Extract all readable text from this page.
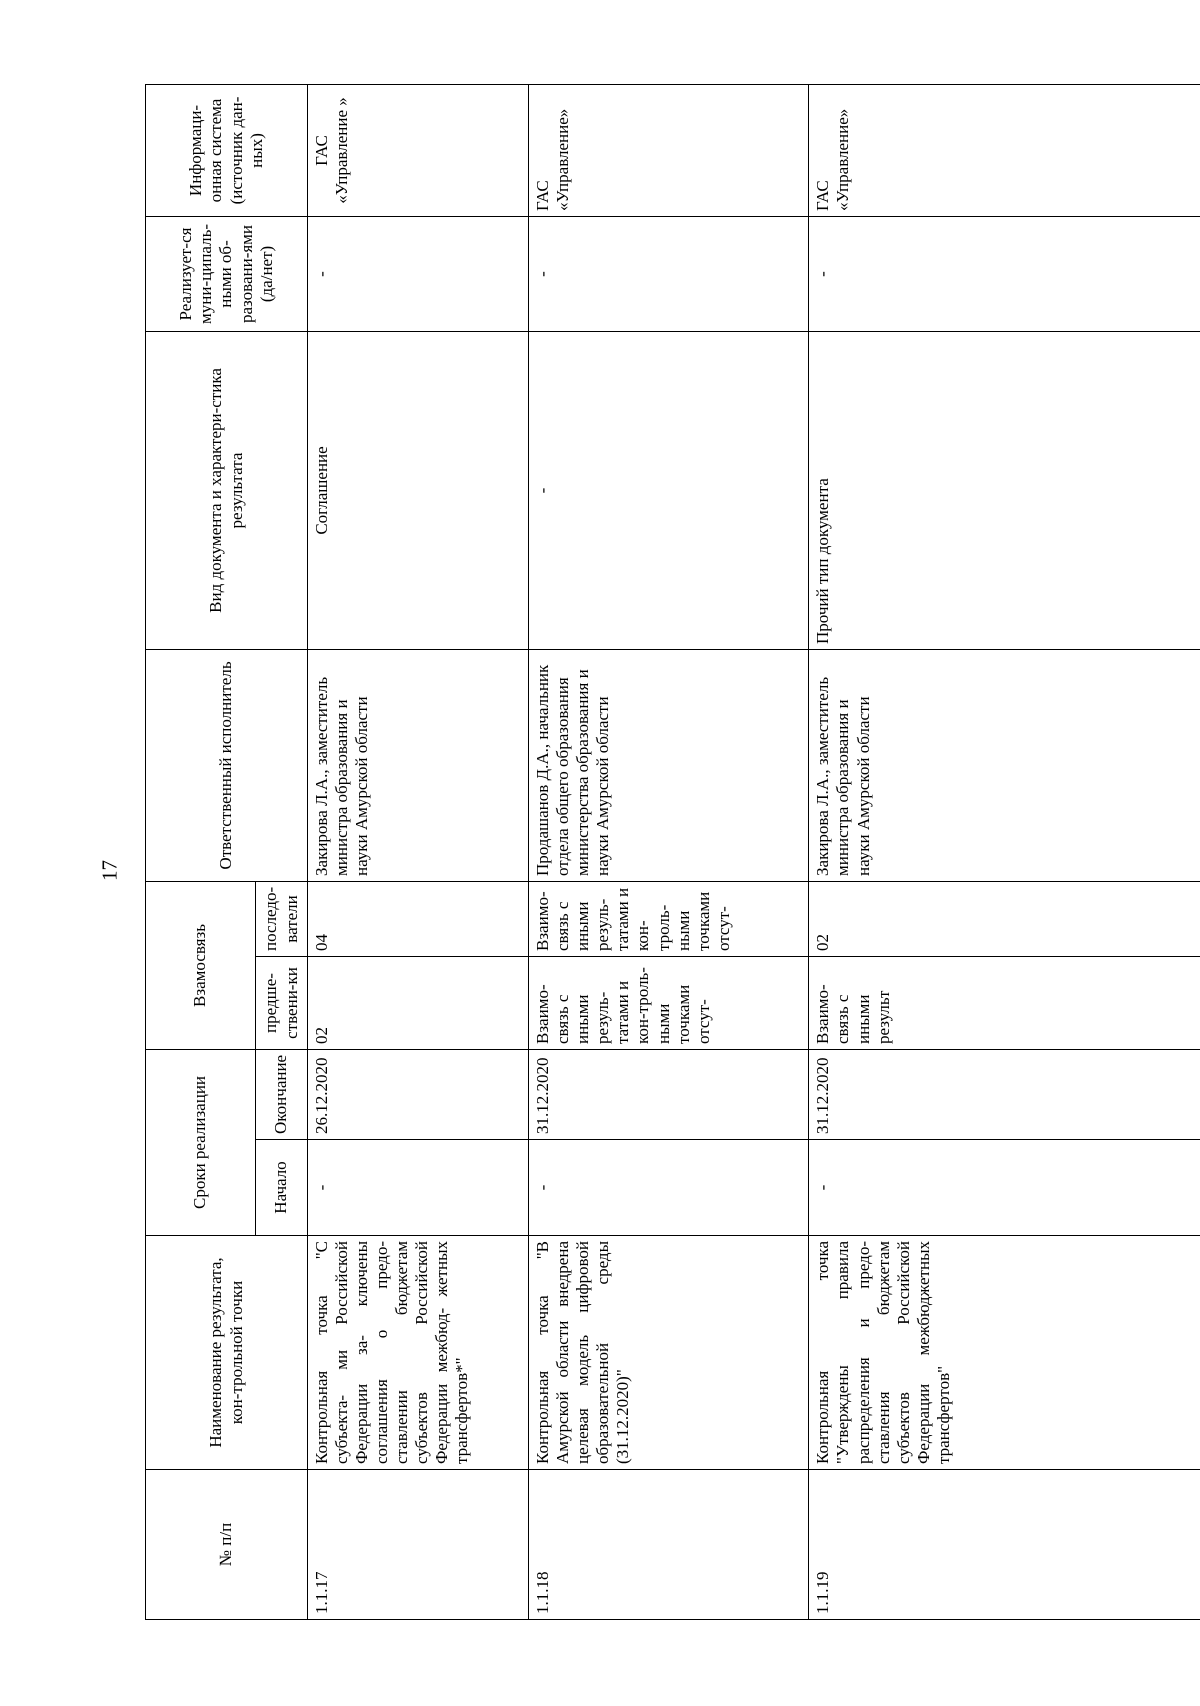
17
№ п/п	Наименование результата, кон-трольной точки	Сроки реализации		Взамосвязь		Ответственный исполнитель	Вид документа и характери-стика результата	Реализует-ся муни-ципаль-ными об-разовани-ями (да/нет)	Информаци-онная система (источник дан-ных)
		Начало	Окончание	предше-ствени-ки	последо-ватели				
1.1.17	Контрольная точка "С субъекта- ми Российской Федерации за- ключены соглашения о предо- ставлении бюджетам субъектов Российской Федерации межбюд- жетных трансфертов*"	-	26.12.2020	02	04	Закирова Л.А., заместитель министра образования и науки Амурской области	Соглашение	-	ГАС «Управление »
1.1.18	Контрольная точка "В Амурской области внедрена целевая модель цифровой образовательной среды (31.12.2020)"	-	31.12.2020	Взаимо-связь с иными резуль-татами и кон-троль-ными точками отсут-	Взаимо-связь с иными резуль-татами и кон-троль-ными точками отсут-	Продашанов Д.А., начальник отдела общего образования министерства образования и науки Амурской области	-	-	ГАС «Управление»
1.1.19	Контрольная точка "Утверждены правила распределения и предо- ставления бюджетам субъектов Российской Федерации межбюджетных трансфертов"	-	31.12.2020	Взаимо-связь с иными результ	02	Закирова Л.А., заместитель министра образования и науки Амурской области	Прочий тип документа	-	ГАС «Управление»
